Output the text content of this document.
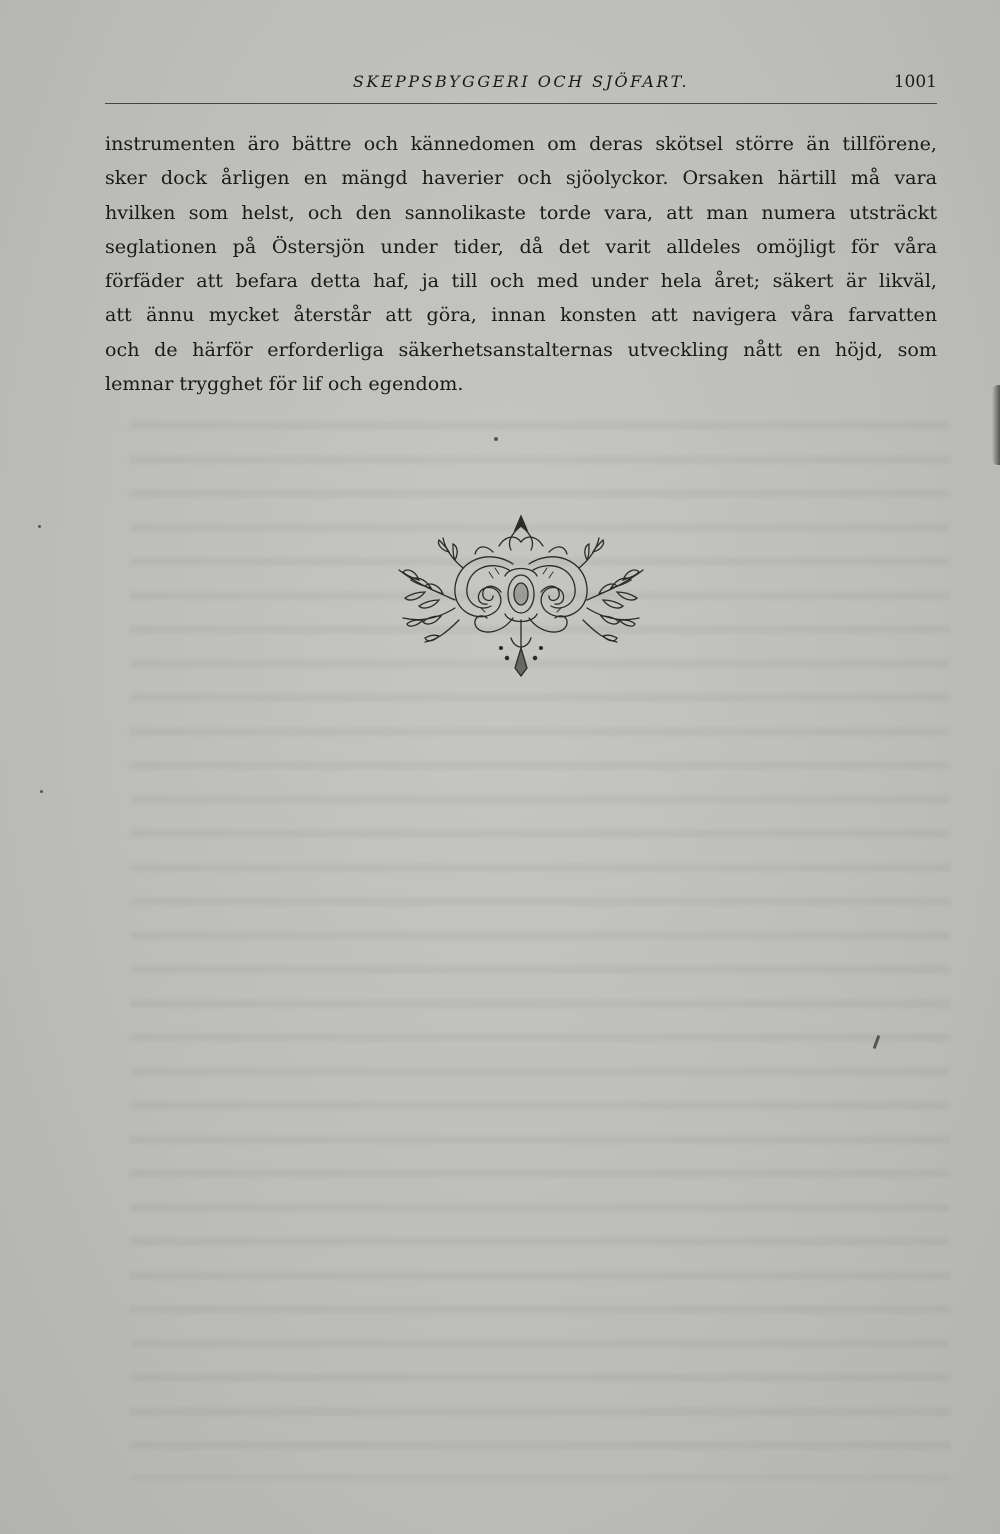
SKEPPSBYGGERI OCH SJÖFART.	1001
instrumenten äro bättre och kännedomen om deras skötsel större än tillförene,
sker dock årligen en mängd haverier och sjöolyckor. Orsaken härtill må vara
hvilken som helst, och den sannolikaste torde vara, att man numera utsträckt
seglationen på Östersjön under tider, då det varit alldeles omöjligt för våra
förfäder att befara detta haf, ja till och med under hela året; säkert är likväl,
att ännu mycket återstår att göra, innan konsten att navigera våra farvatten
och de härför erforderliga säkerhetsanstalternas utveckling nått en höjd, som
lemnar trygghet för lif och egendom.
